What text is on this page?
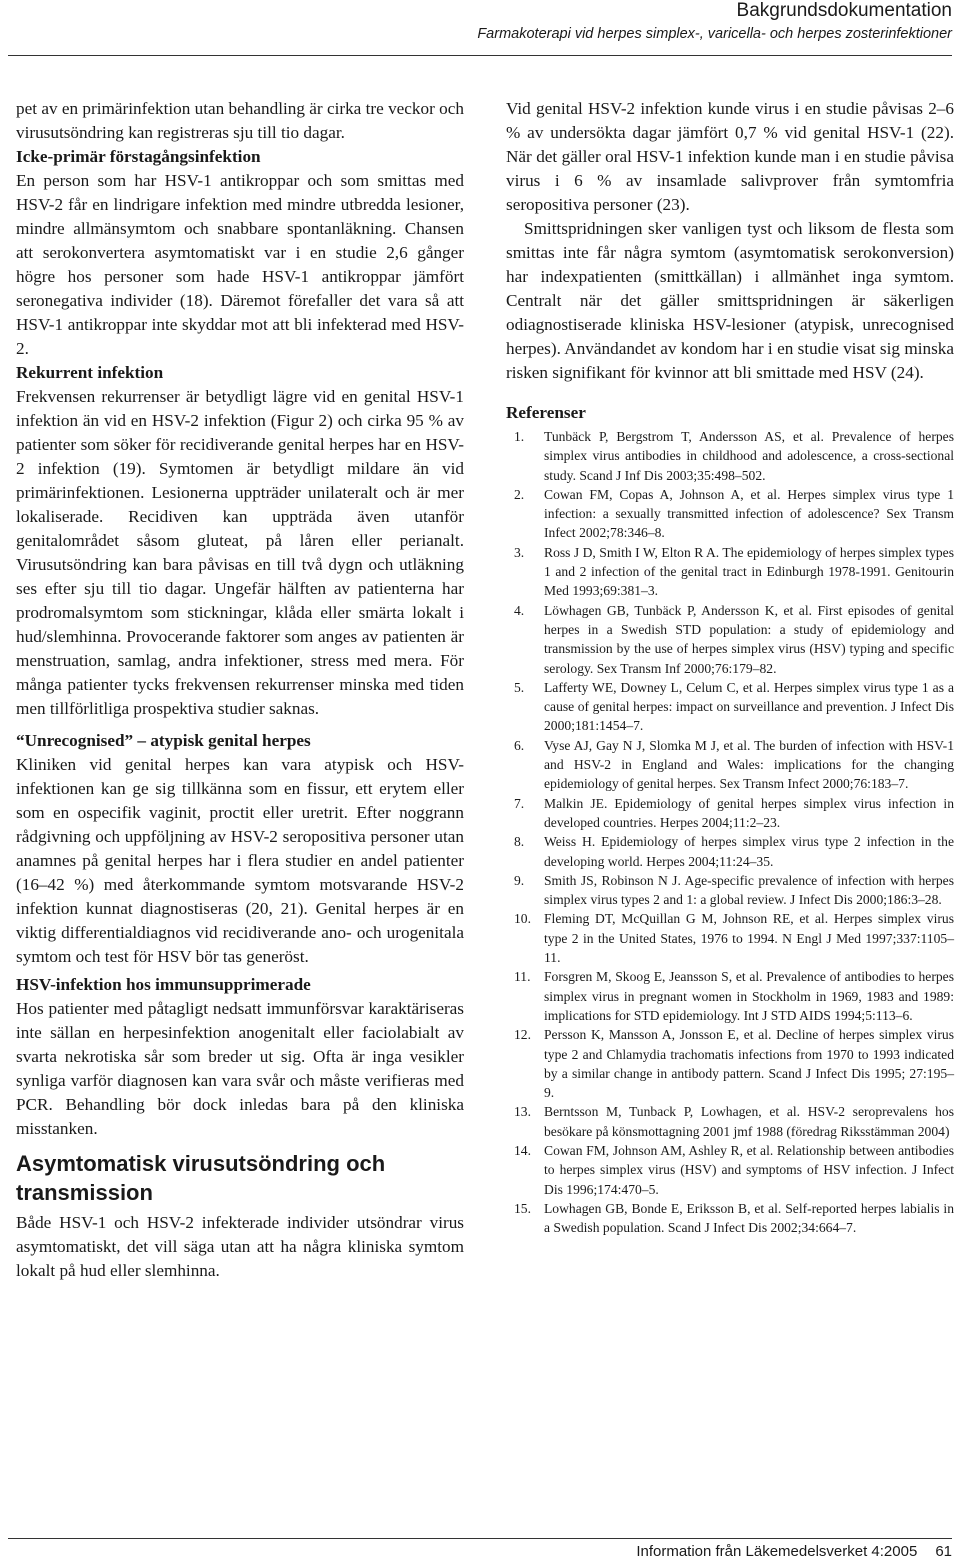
Bakgrundsdokumentation
Farmakoterapi vid herpes simplex-, varicella- och herpes zosterinfektioner

pet av en primärinfektion utan behandling är cirka tre veckor och virusutsöndring kan registreras sju till tio dagar.

Icke-primär förstagångsinfektion

En person som har HSV-1 antikroppar och som smittas med HSV-2 får en lindrigare infektion med mindre utbredda lesioner, mindre allmänsymtom och snabbare spontanläkning. Chansen att serokonvertera asymtomatiskt var i en studie 2,6 gånger högre hos personer som hade HSV-1 antikroppar jämfört seronegativa individer (18). Däremot förefaller det vara så att HSV-1 antikroppar inte skyddar mot att bli infekterad med HSV-2.

Rekurrent infektion

Frekvensen rekurrenser är betydligt lägre vid en genital HSV-1 infektion än vid en HSV-2 infektion (Figur 2) och cirka 95 % av patienter som söker för recidiverande genital herpes har en HSV-2 infektion (19). Symtomen är betydligt mildare än vid primärinfektionen. Lesionerna uppträder unilateralt och är mer lokaliserade. Recidiven kan uppträda även utanför genitalområdet såsom gluteat, på låren eller perianalt. Virusutsöndring kan bara påvisas en till två dygn och utläkning ses efter sju till tio dagar. Ungefär hälften av patienterna har prodromalsymtom som stickningar, klåda eller smärta lokalt i hud/slemhinna. Provocerande faktorer som anges av patienten är menstruation, samlag, andra infektioner, stress med mera. För många patienter tycks frekvensen rekurrenser minska med tiden men tillförlitliga prospektiva studier saknas.

“Unrecognised” – atypisk genital herpes

Kliniken vid genital herpes kan vara atypisk och HSV-infektionen kan ge sig tillkänna som en fissur, ett erytem eller som en ospecifik vaginit, proctit eller uretrit. Efter noggrann rådgivning och uppföljning av HSV-2 seropositiva personer utan anamnes på genital herpes har i flera studier en andel patienter (16–42 %) med återkommande symtom motsvarande HSV-2 infektion kunnat diagnostiseras (20, 21). Genital herpes är en viktig differentialdiagnos vid recidiverande ano- och urogenitala symtom och test för HSV bör tas generöst.

HSV-infektion hos immunsupprimerade

Hos patienter med påtagligt nedsatt immunförsvar karaktäriseras inte sällan en herpesinfektion anogenitalt eller faciolabialt av svarta nekrotiska sår som breder ut sig. Ofta är inga vesikler synliga varför diagnosen kan vara svår och måste verifieras med PCR. Behandling bör dock inledas bara på den kliniska misstanken.

Asymtomatisk virusutsöndring och transmission

Både HSV-1 och HSV-2 infekterade individer utsöndrar virus asymtomatiskt, det vill säga utan att ha några kliniska symtom lokalt på hud eller slemhinna.

Vid genital HSV-2 infektion kunde virus i en studie påvisas 2–6 % av undersökta dagar jämfört 0,7 % vid genital HSV-1 (22). När det gäller oral HSV-1 infektion kunde man i en studie påvisa virus i 6 % av insamlade salivprover från symtomfria seropositiva personer (23).

Smittspridningen sker vanligen tyst och liksom de flesta som smittas inte får några symtom (asymtomatisk serokonversion) har indexpatienten (smittkällan) i allmänhet inga symtom. Centralt när det gäller smittspridningen är säkerligen odiagnostiserade kliniska HSV-lesioner (atypisk, unrecognised herpes). Användandet av kondom har i en studie visat sig minska risken signifikant för kvinnor att bli smittade med HSV (24).

Referenser
1.	Tunbäck P, Bergstrom T, Andersson AS, et al. Prevalence of herpes simplex virus antibodies in childhood and adolescence, a cross-sectional study. Scand J Inf Dis 2003;35:498–502.
2.	Cowan FM, Copas A, Johnson A, et al. Herpes simplex virus type 1 infection: a sexually transmitted infection of adolescence? Sex Transm Infect 2002;78:346–8.
3.	Ross J D, Smith I W, Elton R A. The epidemiology of herpes simplex types 1 and 2 infection of the genital tract in Edinburgh 1978-1991. Genitourin Med 1993;69:381–3.
4.	Löwhagen GB, Tunbäck P, Andersson K, et al. First episodes of genital herpes in a Swedish STD population: a study of epidemiology and transmission by the use of herpes simplex virus (HSV) typing and specific serology. Sex Transm Inf 2000;76:179–82.
5.	Lafferty WE, Downey L, Celum C, et al. Herpes simplex virus type 1 as a cause of genital herpes: impact on surveillance and prevention. J Infect Dis 2000;181:1454–7.
6.	Vyse AJ, Gay N J, Slomka M J, et al. The burden of infection with HSV-1 and HSV-2 in England and Wales: implications for the changing epidemiology of genital herpes. Sex Transm Infect 2000;76:183–7.
7.	Malkin JE. Epidemiology of genital herpes simplex virus infection in developed countries. Herpes 2004;11:2–23.
8.	Weiss H. Epidemiology of herpes simplex virus type 2 infection in the developing world. Herpes 2004;11:24–35.
9.	Smith JS, Robinson N J. Age-specific prevalence of infection with herpes simplex virus types 2 and 1: a global review. J Infect Dis 2000;186:3–28.
10. Fleming DT, McQuillan G M, Johnson RE, et al. Herpes simplex virus type 2 in the United States, 1976 to 1994. N Engl J Med 1997;337:1105–11.
11. Forsgren M, Skoog E, Jeansson S, et al. Prevalence of antibodies to herpes simplex virus in pregnant women in Stockholm in 1969, 1983 and 1989: implications for STD epidemiology. Int J STD AIDS 1994;5:113–6.
12. Persson K, Mansson A, Jonsson E, et al. Decline of herpes simplex virus type 2 and Chlamydia trachomatis infections from 1970 to 1993 indicated by a similar change in antibody pattern. Scand J Infect Dis 1995; 27:195–9.
13. Berntsson M, Tunback P, Lowhagen, et al. HSV-2 seroprevalens hos besökare på könsmottagning 2001 jmf 1988 (föredrag Riksstämman 2004)
14. Cowan FM, Johnson AM, Ashley R, et al. Relationship between antibodies to herpes simplex virus (HSV) and symptoms of HSV infection. J Infect Dis 1996;174:470–5.
15. Lowhagen GB, Bonde E, Eriksson B, et al. Self-reported herpes labialis in a Swedish population. Scand J Infect Dis 2002;34:664–7.
Information från Läkemedelsverket 4:2005 61
